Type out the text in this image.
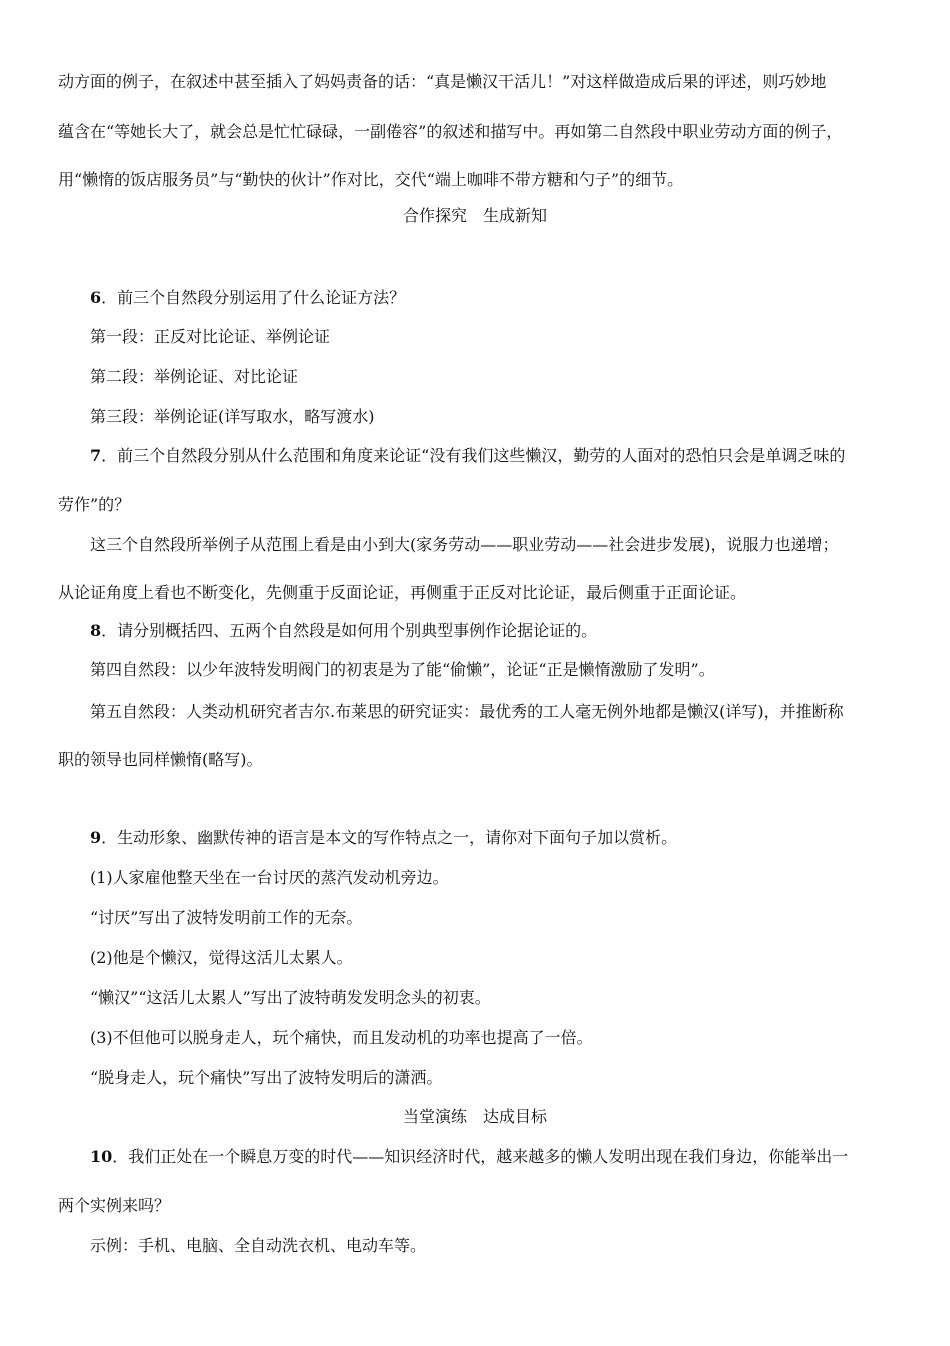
动方面的例子，在叙述中甚至插入了妈妈责备的话：“真是懒汉干活儿！”对这样做造成后果的评述，则巧妙地
蕴含在“等她长大了，就会总是忙忙碌碌，一副倦容”的叙述和描写中。再如第二自然段中职业劳动方面的例子，
用“懒惰的饭店服务员”与“勤快的伙计”作对比，交代“端上咖啡不带方糖和勺子”的细节。
合作探究　生成新知
6．前三个自然段分别运用了什么论证方法？
第一段：正反对比论证、举例论证
第二段：举例论证、对比论证
第三段：举例论证(详写取水，略写渡水)
7．前三个自然段分别从什么范围和角度来论证“没有我们这些懒汉，勤劳的人面对的恐怕只会是单调乏味的
劳作”的？
这三个自然段所举例子从范围上看是由小到大(家务劳动——职业劳动——社会进步发展)，说服力也递增；
从论证角度上看也不断变化，先侧重于反面论证，再侧重于正反对比论证，最后侧重于正面论证。
8．请分别概括四、五两个自然段是如何用个别典型事例作论据论证的。
第四自然段：以少年波特发明阀门的初衷是为了能“偷懒”，论证“正是懒惰激励了发明”。
第五自然段：人类动机研究者吉尔.布莱思的研究证实：最优秀的工人毫无例外地都是懒汉(详写)，并推断称
职的领导也同样懒惰(略写)。
9．生动形象、幽默传神的语言是本文的写作特点之一，请你对下面句子加以赏析。
(1)人家雇他整天坐在一台讨厌的蒸汽发动机旁边。
“讨厌”写出了波特发明前工作的无奈。
(2)他是个懒汉，觉得这活儿太累人。
“懒汉”“这活儿太累人”写出了波特萌发发明念头的初衷。
(3)不但他可以脱身走人，玩个痛快，而且发动机的功率也提高了一倍。
“脱身走人，玩个痛快”写出了波特发明后的潇洒。
当堂演练　达成目标
10．我们正处在一个瞬息万变的时代——知识经济时代，越来越多的懒人发明出现在我们身边，你能举出一
两个实例来吗？
示例：手机、电脑、全自动洗衣机、电动车等。
